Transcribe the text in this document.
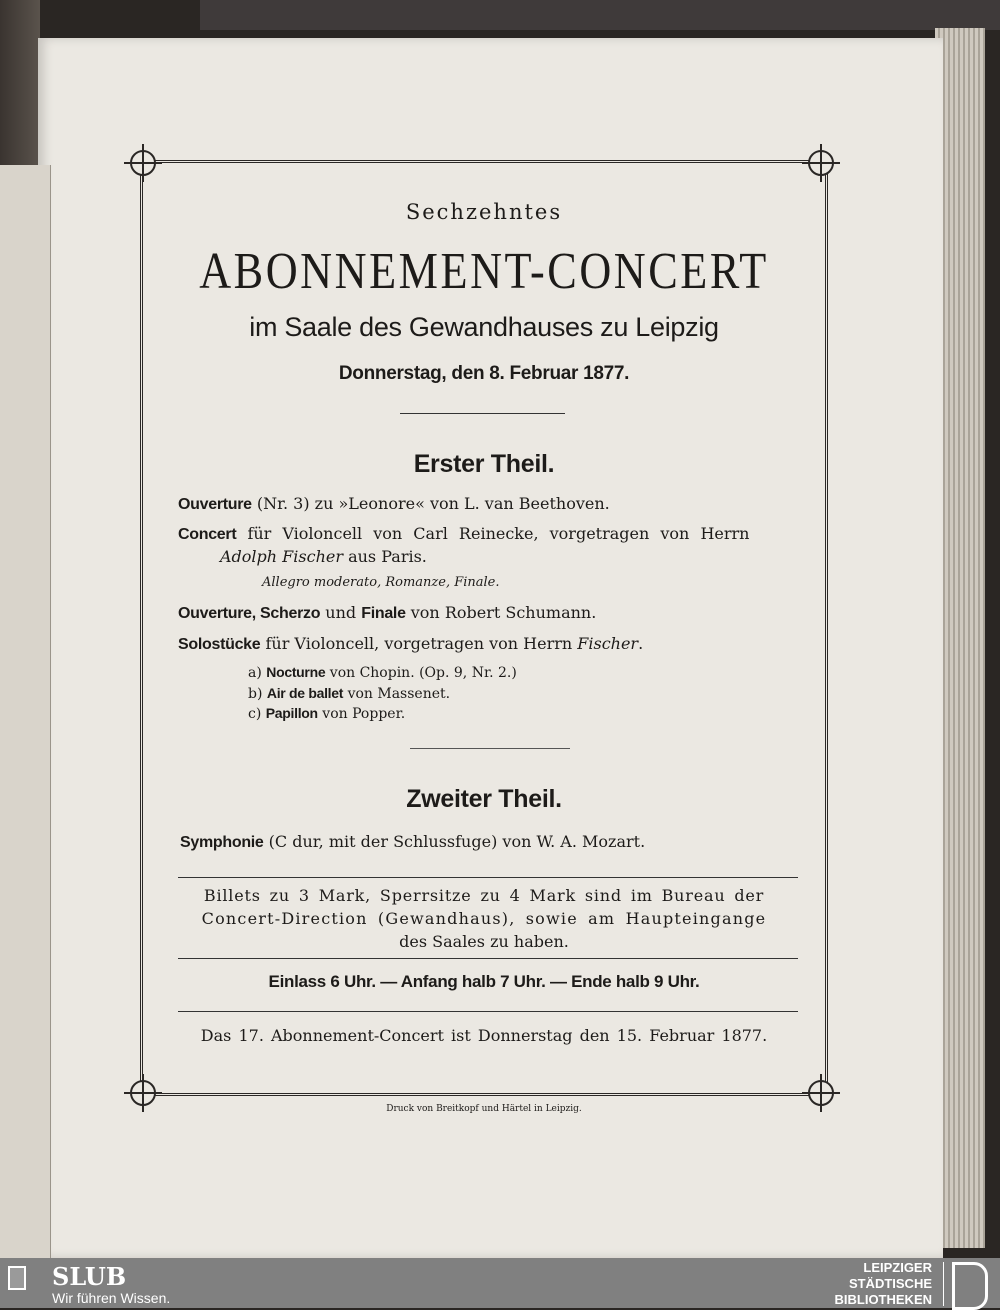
Sechzehntes
ABONNEMENT-CONCERT
im Saale des Gewandhauses zu Leipzig
Donnerstag, den 8. Februar 1877.
Erster Theil.
Ouverture (Nr. 3) zu »Leonore« von L. van Beethoven.
Concert für Violoncell von Carl Reinecke, vorgetragen von Herrn
Adolph Fischer aus Paris.
Allegro moderato, Romanze, Finale.
Ouverture, Scherzo und Finale von Robert Schumann.
Solostücke für Violoncell, vorgetragen von Herrn Fischer.
a) Nocturne von Chopin. (Op. 9, Nr. 2.)
b) Air de ballet von Massenet.
c) Papillon von Popper.
Zweiter Theil.
Symphonie (C dur, mit der Schlussfuge) von W. A. Mozart.
Billets zu 3 Mark, Sperrsitze zu 4 Mark sind im Bureau der
Concert-Direction (Gewandhaus), sowie am Haupteingange
des Saales zu haben.
Einlass 6 Uhr. — Anfang halb 7 Uhr. — Ende halb 9 Uhr.
Das 17. Abonnement-Concert ist Donnerstag den 15. Februar 1877.
Druck von Breitkopf und Härtel in Leipzig.
SLUB
Wir führen Wissen.
LEIPZIGER
STÄDTISCHE
BIBLIOTHEKEN
